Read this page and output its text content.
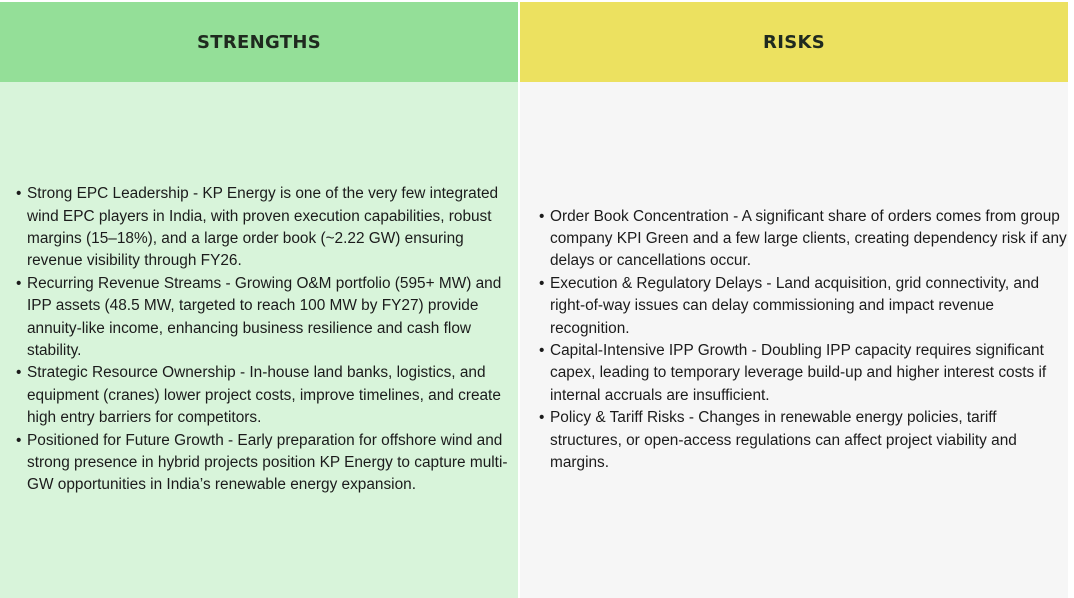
STRENGTHS	RISKS
• Strong EPC Leadership - KP Energy is one of the very few integrated wind EPC players in India, with proven execution capabilities, robust margins (15–18%), and a large order book (~2.22 GW) ensuring revenue visibility through FY26.
• Recurring Revenue Streams - Growing O&M portfolio (595+ MW) and IPP assets (48.5 MW, targeted to reach 100 MW by FY27) provide annuity-like income, enhancing business resilience and cash flow stability.
• Strategic Resource Ownership - In-house land banks, logistics, and equipment (cranes) lower project costs, improve timelines, and create high entry barriers for competitors.
• Positioned for Future Growth - Early preparation for offshore wind and strong presence in hybrid projects position KP Energy to capture multi-GW opportunities in India’s renewable energy expansion.
• Order Book Concentration - A significant share of orders comes from group company KPI Green and a few large clients, creating dependency risk if any delays or cancellations occur.
• Execution & Regulatory Delays - Land acquisition, grid connectivity, and right-of-way issues can delay commissioning and impact revenue recognition.
• Capital-Intensive IPP Growth - Doubling IPP capacity requires significant capex, leading to temporary leverage build-up and higher interest costs if internal accruals are insufficient.
• Policy & Tariff Risks - Changes in renewable energy policies, tariff structures, or open-access regulations can affect project viability and margins.
